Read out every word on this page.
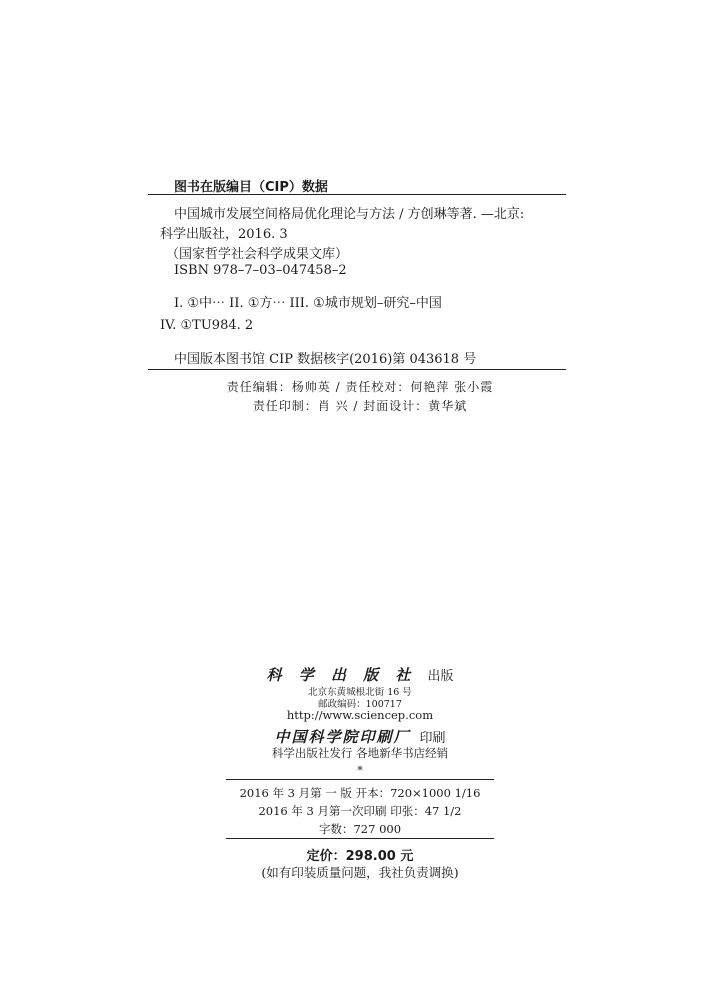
图书在版编目（CIP）数据
中国城市发展空间格局优化理论与方法 / 方创琳等著. —北京:
科学出版社，2016. 3
（国家哲学社会科学成果文库）
ISBN 978–7–03–047458–2
I. ①中⋯ II. ①方⋯ III. ①城市规划–研究–中国
IV. ①TU984. 2
中国版本图书馆 CIP 数据核字(2016)第 043618 号
责任编辑：杨帅英 / 责任校对：何艳萍 张小霞
责任印制：肖 兴 / 封面设计：黄华斌
科 学 出 版 社 出版
北京东黄城根北街 16 号
邮政编码：100717
http://www.sciencep.com
中国科学院印刷厂 印刷
科学出版社发行 各地新华书店经销
*
2016 年 3 月第 一 版 开本：720×1000 1/16
2016 年 3 月第一次印刷 印张：47 1/2
字数：727 000
定价：298.00 元
(如有印装质量问题，我社负责调换)
